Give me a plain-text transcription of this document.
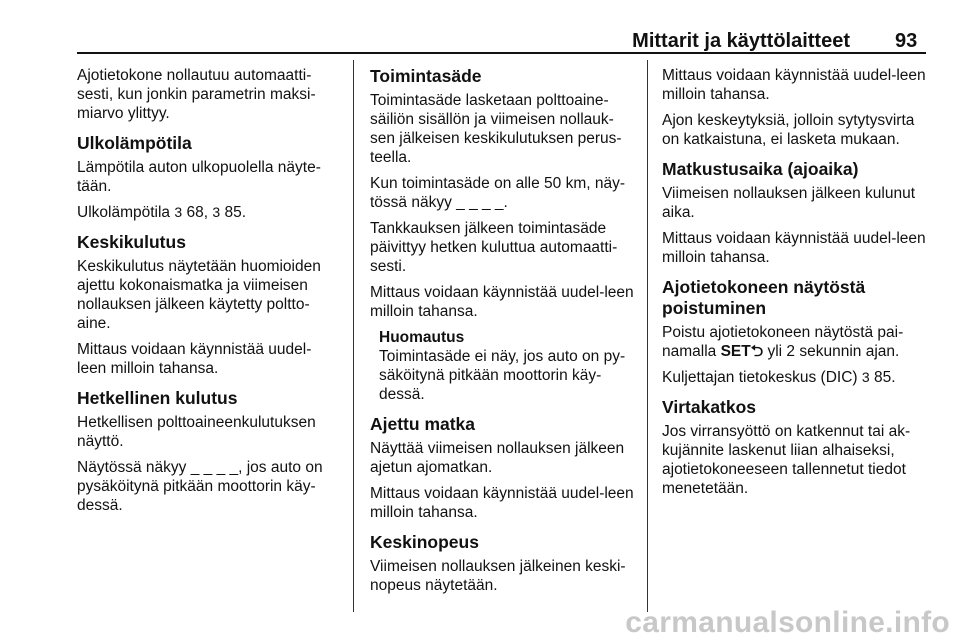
Mittarit ja käyttölaitteet 93

Ajotietokone nollautuu automaatti-sesti, kun jonkin parametrin maksi-miarvo ylittyy.

Ulkolämpötila

Lämpötila auton ulkopuolella näyte-tään.

Ulkolämpötila 3 68, 3 85.

Keskikulutus

Keskikulutus näytetään huomioiden ajettu kokonaismatka ja viimeisen nollauksen jälkeen käytetty poltto-aine.

Mittaus voidaan käynnistää uudel-leen milloin tahansa.

Hetkellinen kulutus

Hetkellisen polttoaineenkulutuksen näyttö.

Näytössä näkyy _ _ _ _, jos auto on pysäköitynä pitkään moottorin käy-dessä.

Toimintasäde

Toimintasäde lasketaan polttoaine-säiliön sisällön ja viimeisen nollauk-sen jälkeisen keskikulutuksen perus-teella.

Kun toimintasäde on alle 50 km, näy-tössä näkyy _ _ _ _.

Tankkauksen jälkeen toimintasäde päivittyy hetken kuluttua automaatti-sesti.

Mittaus voidaan käynnistää uudel-leen milloin tahansa.

Huomautus
Toimintasäde ei näy, jos auto on py-säköitynä pitkään moottorin käy-dessä.
Ajettu matka

Näyttää viimeisen nollauksen jälkeen ajetun ajomatkan.

Mittaus voidaan käynnistää uudel-leen milloin tahansa.

Keskinopeus

Viimeisen nollauksen jälkeinen keski-nopeus näytetään.

Mittaus voidaan käynnistää uudel-leen milloin tahansa.

Ajon keskeytyksiä, jolloin sytytysvirta on katkaistuna, ei lasketa mukaan.

Matkustusaika (ajoaika)

Viimeisen nollauksen jälkeen kulunut aika.

Mittaus voidaan käynnistää uudel-leen milloin tahansa.

Ajotietokoneen näytöstä poistuminen

Poistu ajotietokoneen näytöstä pai-namalla SET⮌ yli 2 sekunnin ajan.

Kuljettajan tietokeskus (DIC) 3 85.

Virtakatkos

Jos virransyöttö on katkennut tai ak-kujännite laskenut liian alhaiseksi, ajotietokoneeseen tallennetut tiedot menetetään.

carmanualsonline.info
